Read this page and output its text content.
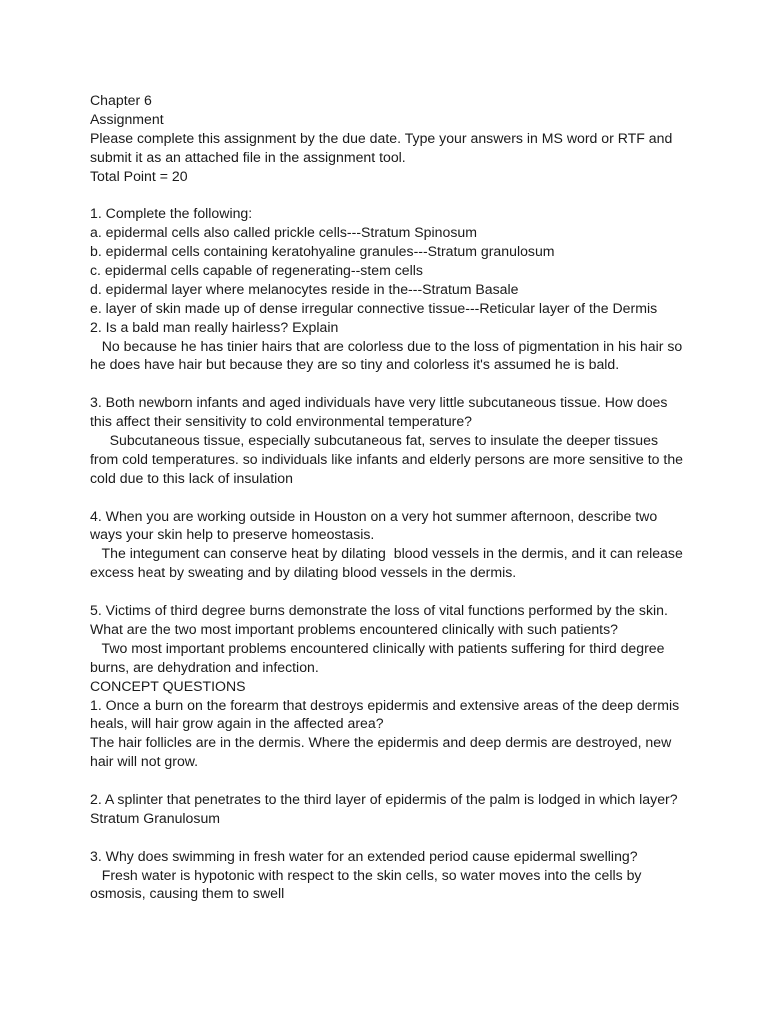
Chapter 6
Assignment
Please complete this assignment by the due date. Type your answers in MS word or RTF and
submit it as an attached file in the assignment tool.
Total Point = 20
1. Complete the following:
a. epidermal cells also called prickle cells---Stratum Spinosum
b. epidermal cells containing keratohyaline granules---Stratum granulosum
c. epidermal cells capable of regenerating--stem cells
d. epidermal layer where melanocytes reside in the---Stratum Basale
e. layer of skin made up of dense irregular connective tissue---Reticular layer of the Dermis
2. Is a bald man really hairless? Explain
No because he has tinier hairs that are colorless due to the loss of pigmentation in his hair so
he does have hair but because they are so tiny and colorless it's assumed he is bald.
3. Both newborn infants and aged individuals have very little subcutaneous tissue. How does
this affect their sensitivity to cold environmental temperature?
Subcutaneous tissue, especially subcutaneous fat, serves to insulate the deeper tissues
from cold temperatures. so individuals like infants and elderly persons are more sensitive to the
cold due to this lack of insulation
4. When you are working outside in Houston on a very hot summer afternoon, describe two
ways your skin help to preserve homeostasis.
The integument can conserve heat by dilating  blood vessels in the dermis, and it can release
excess heat by sweating and by dilating blood vessels in the dermis.
5. Victims of third degree burns demonstrate the loss of vital functions performed by the skin.
What are the two most important problems encountered clinically with such patients?
Two most important problems encountered clinically with patients suffering for third degree
burns, are dehydration and infection.
CONCEPT QUESTIONS
1. Once a burn on the forearm that destroys epidermis and extensive areas of the deep dermis
heals, will hair grow again in the affected area?
The hair follicles are in the dermis. Where the epidermis and deep dermis are destroyed, new
hair will not grow.
2. A splinter that penetrates to the third layer of epidermis of the palm is lodged in which layer?
Stratum Granulosum
3. Why does swimming in fresh water for an extended period cause epidermal swelling?
Fresh water is hypotonic with respect to the skin cells, so water moves into the cells by
osmosis, causing them to swell
